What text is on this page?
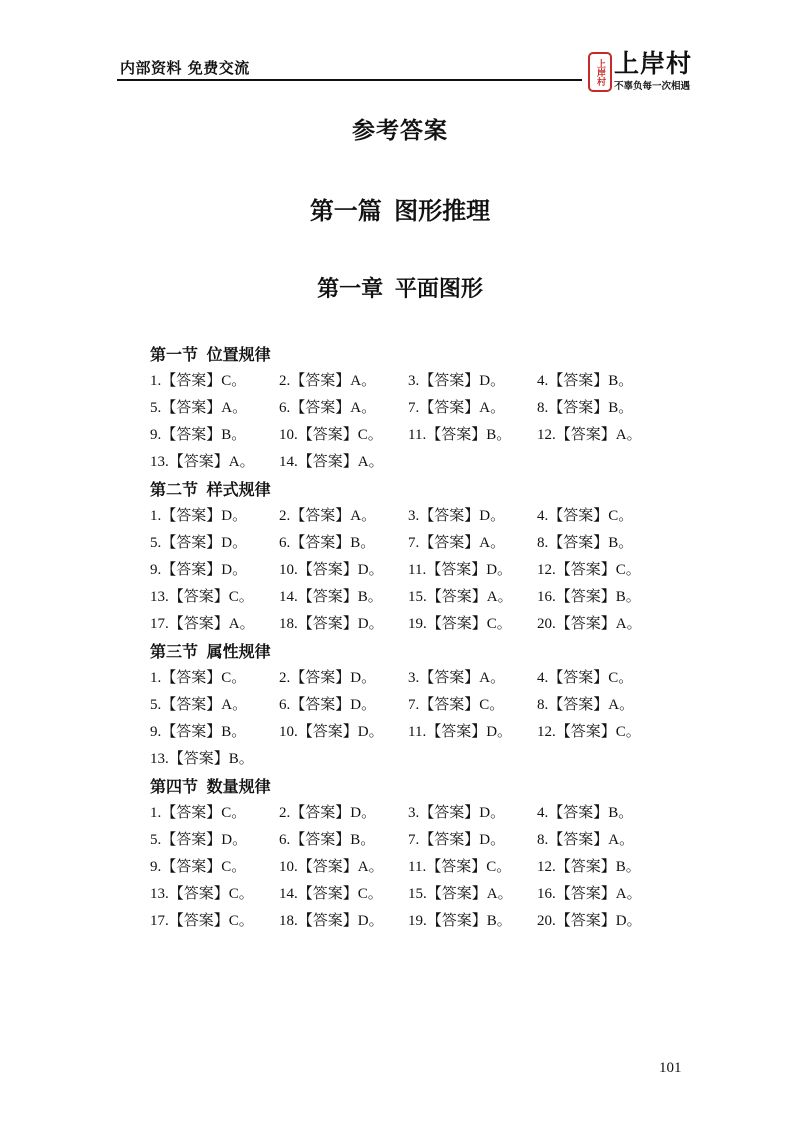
内部资料 免费交流	上岸村 上岸村
不辜负每一次相遇
参考答案
第一篇 图形推理
第一章 平面图形
第一节 位置规律
1.【答案】C。	2.【答案】A。	3.【答案】D。	4.【答案】B。
5.【答案】A。	6.【答案】A。	7.【答案】A。	8.【答案】B。
9.【答案】B。	10.【答案】C。	11.【答案】B。	12.【答案】A。
13.【答案】A。	14.【答案】A。
第二节 样式规律
1.【答案】D。	2.【答案】A。	3.【答案】D。	4.【答案】C。
5.【答案】D。	6.【答案】B。	7.【答案】A。	8.【答案】B。
9.【答案】D。	10.【答案】D。	11.【答案】D。	12.【答案】C。
13.【答案】C。	14.【答案】B。	15.【答案】A。	16.【答案】B。
17.【答案】A。	18.【答案】D。	19.【答案】C。	20.【答案】A。
第三节 属性规律
1.【答案】C。	2.【答案】D。	3.【答案】A。	4.【答案】C。
5.【答案】A。	6.【答案】D。	7.【答案】C。	8.【答案】A。
9.【答案】B。	10.【答案】D。	11.【答案】D。	12.【答案】C。
13.【答案】B。
第四节 数量规律
1.【答案】C。	2.【答案】D。	3.【答案】D。	4.【答案】B。
5.【答案】D。	6.【答案】B。	7.【答案】D。	8.【答案】A。
9.【答案】C。	10.【答案】A。	11.【答案】C。	12.【答案】B。
13.【答案】C。	14.【答案】C。	15.【答案】A。	16.【答案】A。
17.【答案】C。	18.【答案】D。	19.【答案】B。	20.【答案】D。
101
